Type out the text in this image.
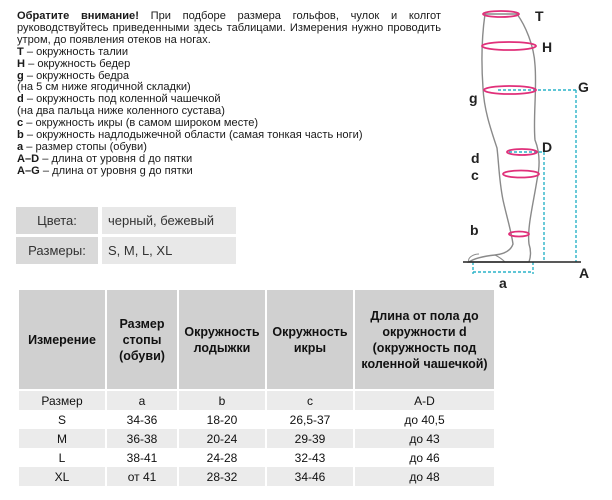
Обратите внимание! При подборе размера гольфов, чулок и колгот руководствуйтесь приведенными здесь таблицами. Измерения нужно проводить утром, до появления отеков на ногах.

T – окружность талии
H – окружность бедер
g – окружность бедра
(на 5 см ниже ягодичной складки)
d – окружность под коленной чашечкой
(на два пальца ниже коленного сустава)
c – окружность икры (в самом широком месте)
b – окружность надлодыжечной области (самая тонкая часть ноги)
a – размер стопы (обуви)
A–D – длина от уровня d до пятки
A–G – длина от уровня g до пятки
Цвета:		черный, бежевый
Размеры:		S, M, L, XL
Измерение	Размер стопы (обуви)	Окружность лодыжки	Окружность икры	Длина от пола до окружности d (окружность под коленной чашечкой)
Размер	a	b	c	A-D
S	34-36	18-20	26,5-37	до 40,5
M	36-38	20-24	29-39	до 43
L	38-41	24-28	32-43	до 46
XL	от 41	28-32	34-46	до 48
T
H
g
G
d
D
c
b
a
A
